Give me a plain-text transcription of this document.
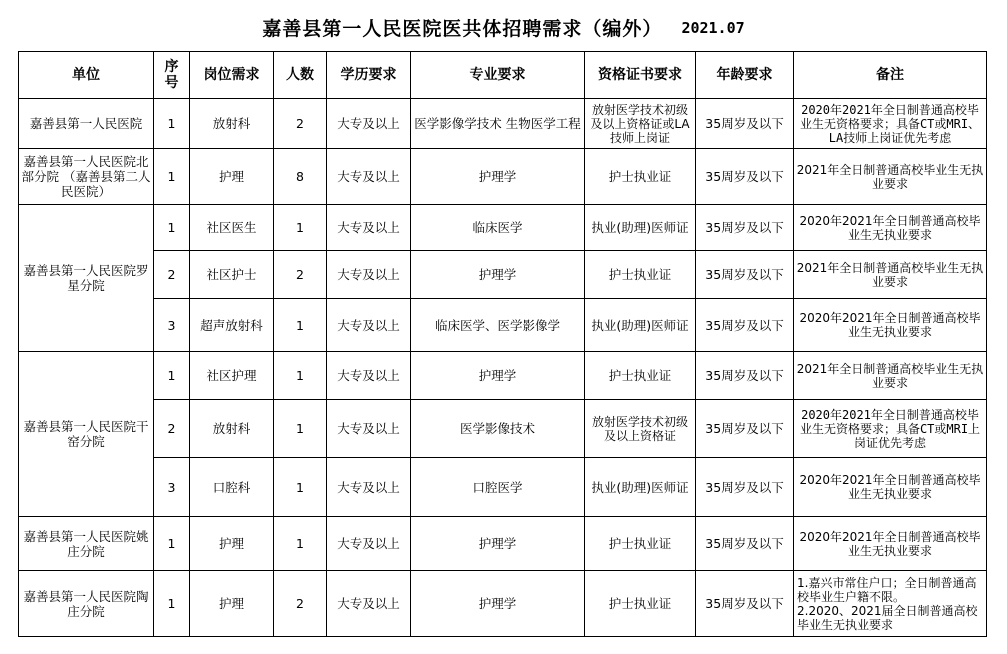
嘉善县第一人民医院医共体招聘需求（编外） 2021.07
单位	序号	岗位需求	人数	学历要求	专业要求	资格证书要求	年龄要求	备注
嘉善县第一人民医院	1	放射科	2	大专及以上	医学影像学技术 生物医学工程	放射医学技术初级及以上资格证或LA技师上岗证	35周岁及以下	2020年2021年全日制普通高校毕业生无资格要求；具备CT或MRI、LA技师上岗证优先考虑
嘉善县第一人民医院北部分院 （嘉善县第二人民医院）	1	护理	8	大专及以上	护理学	护士执业证	35周岁及以下	2021年全日制普通高校毕业生无执业要求
嘉善县第一人民医院罗星分院	1	社区医生	1	大专及以上	临床医学	执业(助理)医师证	35周岁及以下	2020年2021年全日制普通高校毕业生无执业要求
	2	社区护士	2	大专及以上	护理学	护士执业证	35周岁及以下	2021年全日制普通高校毕业生无执业要求
	3	超声放射科	1	大专及以上	临床医学、医学影像学	执业(助理)医师证	35周岁及以下	2020年2021年全日制普通高校毕业生无执业要求
嘉善县第一人民医院干窑分院	1	社区护理	1	大专及以上	护理学	护士执业证	35周岁及以下	2021年全日制普通高校毕业生无执业要求
	2	放射科	1	大专及以上	医学影像技术	放射医学技术初级及以上资格证	35周岁及以下	2020年2021年全日制普通高校毕业生无资格要求；具备CT或MRI上岗证优先考虑
	3	口腔科	1	大专及以上	口腔医学	执业(助理)医师证	35周岁及以下	2020年2021年全日制普通高校毕业生无执业要求
嘉善县第一人民医院姚庄分院	1	护理	1	大专及以上	护理学	护士执业证	35周岁及以下	2020年2021年全日制普通高校毕业生无执业要求
嘉善县第一人民医院陶庄分院	1	护理	2	大专及以上	护理学	护士执业证	35周岁及以下	1.嘉兴市常住户口；全日制普通高校毕业生户籍不限。
2.2020、2021届全日制普通高校毕业生无执业要求
